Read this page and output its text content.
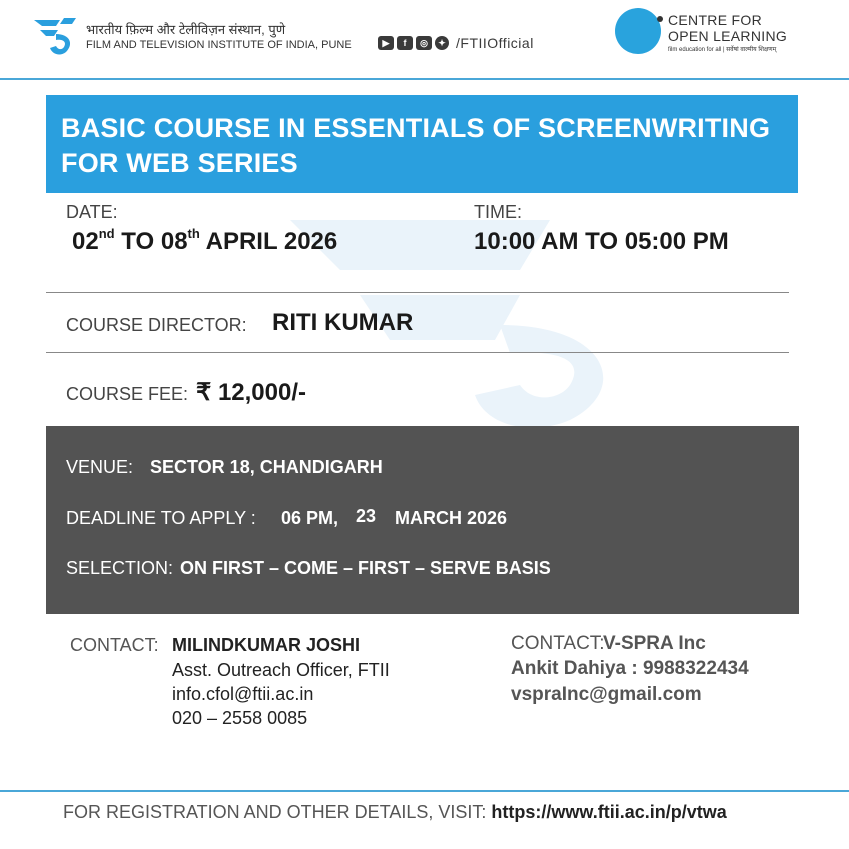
भारतीय फ़िल्म और टेलीविज़न संस्थान, पुणे
FILM AND TELEVISION INSTITUTE OF INDIA, PUNE	▶	f	◎	✦ /FTIIOfficial
CENTRE FOR
OPEN LEARNING
film education for all | सर्वेषां वाल्मीय शिक्षणम्
BASIC COURSE IN ESSENTIALS OF SCREENWRITING FOR WEB SERIES
DATE:
02nd TO 08th APRIL 2026
TIME:
10:00 AM TO 05:00 PM
COURSE DIRECTOR: RITI KUMAR
COURSE FEE: ₹ 12,000/-
VENUE: SECTOR 18, CHANDIGARH
DEADLINE TO APPLY : 06 PM, 23 MARCH 2026
SELECTION: ON FIRST – COME – FIRST – SERVE BASIS
CONTACT: MILINDKUMAR JOSHI
Asst. Outreach Officer, FTII
info.cfol@ftii.ac.in
020 – 2558 0085
CONTACT:
V-SPRA Inc
Ankit Dahiya : 9988322434
vspraInc@gmail.com
FOR REGISTRATION AND OTHER DETAILS, VISIT: https://www.ftii.ac.in/p/vtwa
